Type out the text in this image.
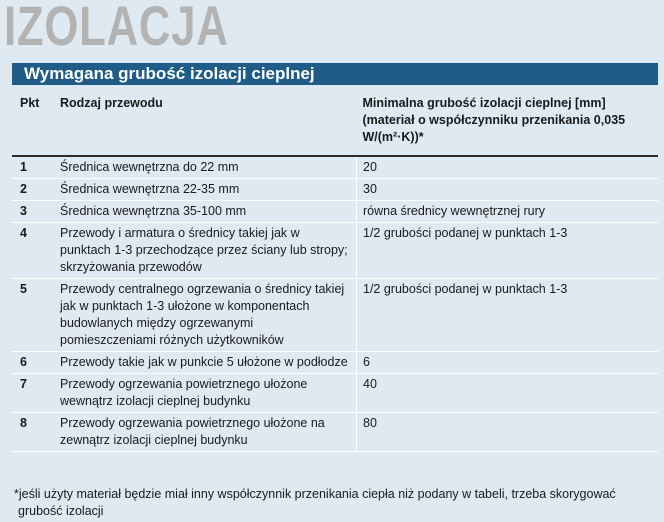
IZOLACJA
Wymagana grubość izolacji cieplnej
Pkt	Rodzaj przewodu	Minimalna grubość izolacji cieplnej [mm] (materiał o współczynniku przenikania 0,035 W/(m²·K))*
1	Średnica wewnętrzna do 22 mm	20
2	Średnica wewnętrzna 22-35 mm	30
3	Średnica wewnętrzna 35-100 mm	równa średnicy wewnętrznej rury
4	Przewody i armatura o średnicy takiej jak w punktach 1-3 przechodzące przez ściany lub stropy; skrzyżowania przewodów	1/2 grubości podanej w punktach 1-3
5	Przewody centralnego ogrzewania o średnicy takiej jak w punktach 1-3 ułożone w komponentach budowlanych między ogrzewanymi pomieszczeniami różnych użytkowników	1/2 grubości podanej w punktach 1-3
6	Przewody takie jak w punkcie 5 ułożone w podłodze	6
7	Przewody ogrzewania powietrznego ułożone wewnątrz izolacji cieplnej budynku	40
8	Przewody ogrzewania powietrznego ułożone na zewnątrz izolacji cieplnej budynku	80
*jeśli użyty materiał będzie miał inny współczynnik przenikania ciepła niż podany w tabeli, trzeba skorygować
grubość izolacji
